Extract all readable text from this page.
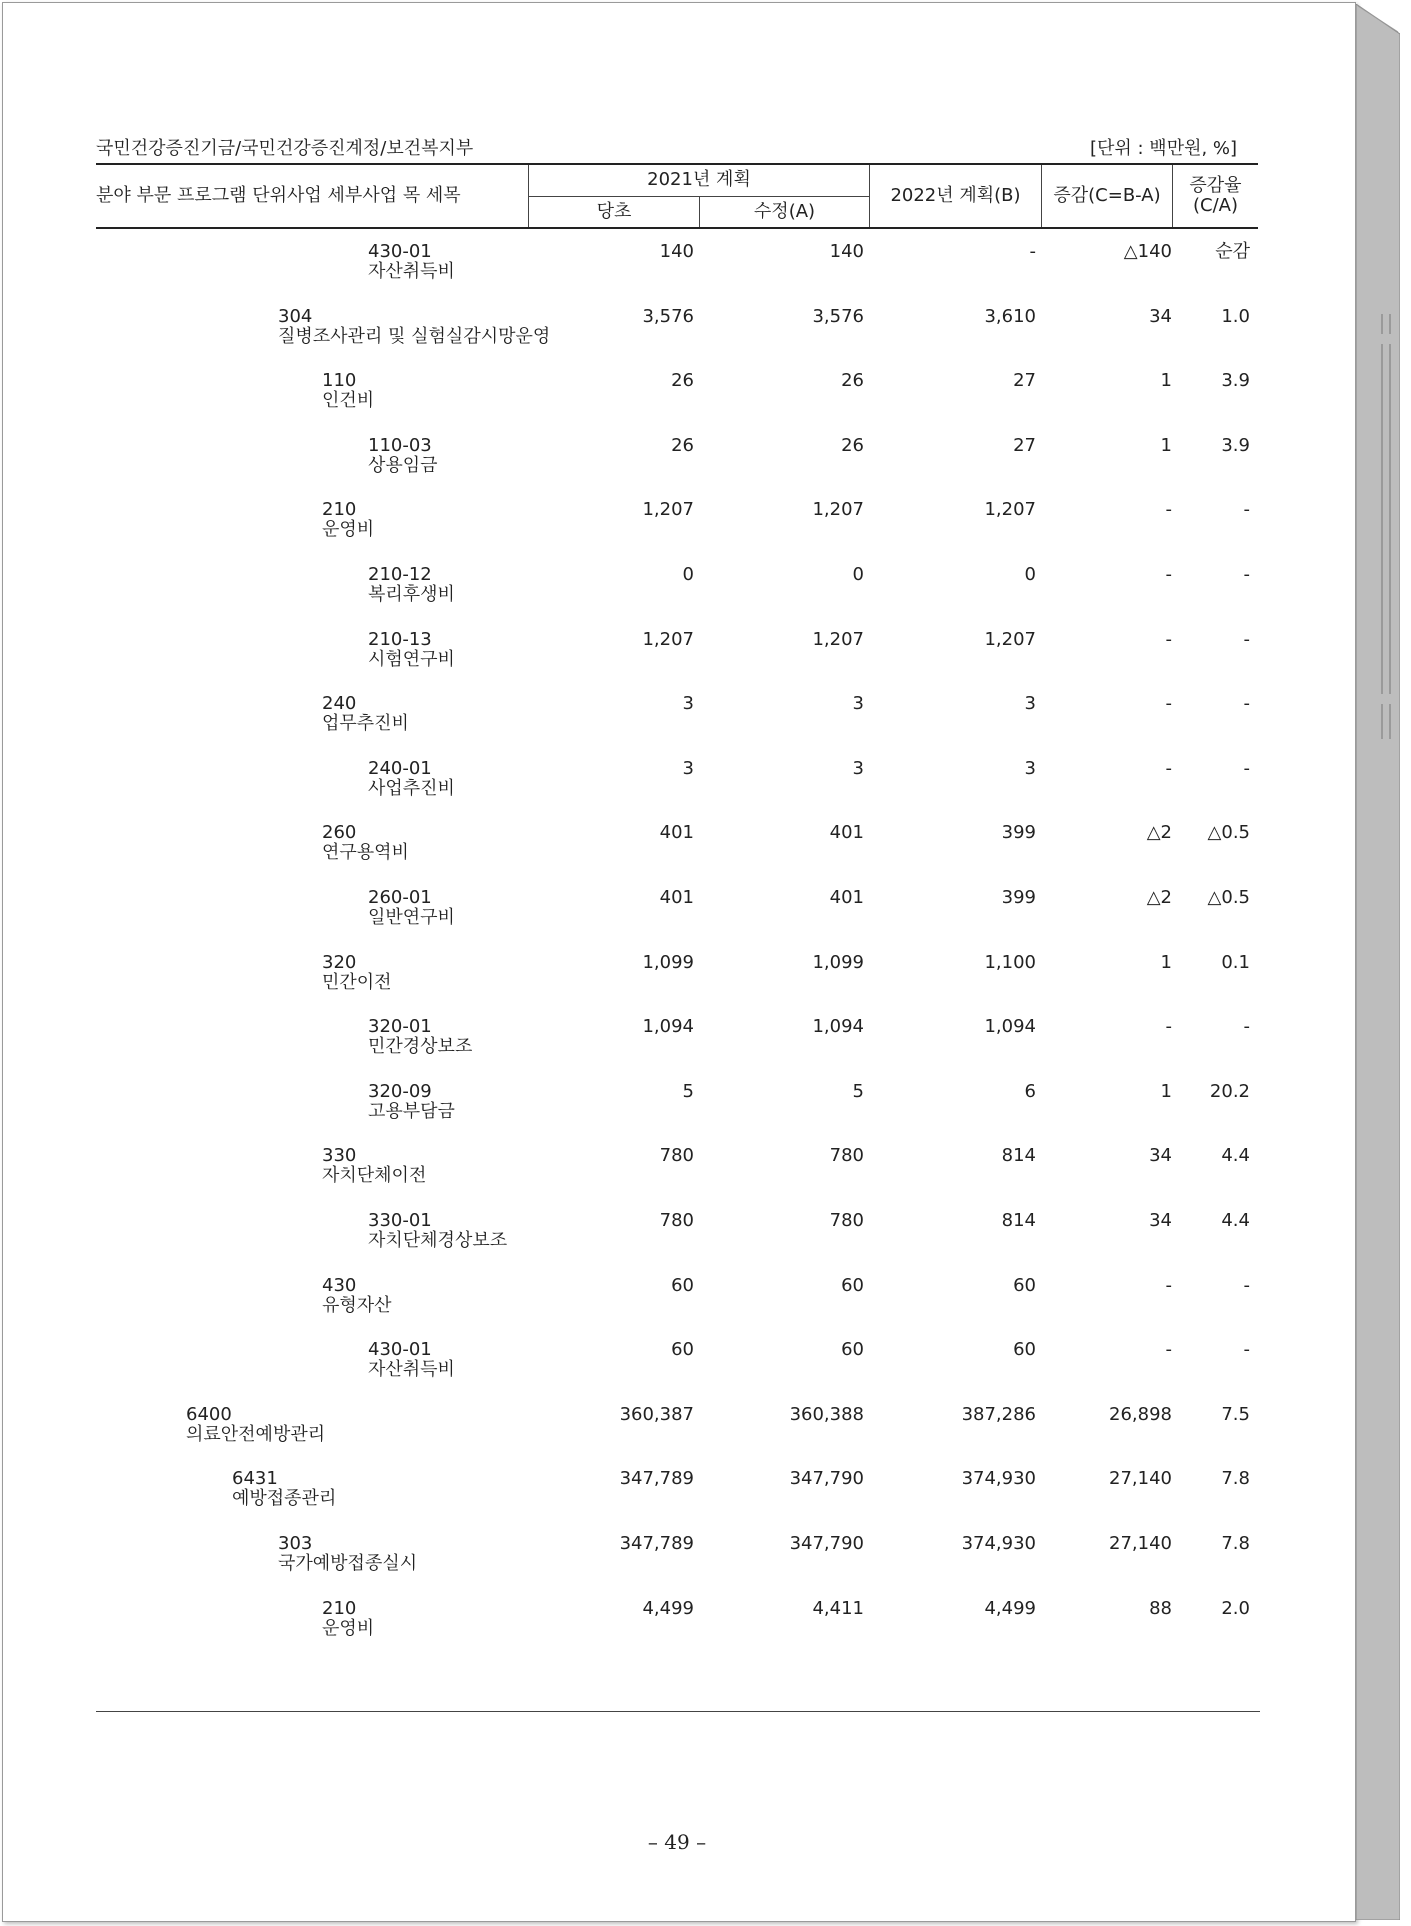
국민건강증진기금/국민건강증진계정/보건복지부	[단위 : 백만원, %]
분야 부문 프로그램 단위사업 세부사업 목 세목
2021년 계획
당초	수정(A)
2022년 계획(B)	증감(C=B-A)	증감율
(C/A)
430-01
자산취득비
140	140	-	△140	순감
304
질병조사관리 및 실험실감시망운영
3,576	3,576	3,610	34	1.0
110
인건비
26	26	27	1	3.9
110-03
상용임금
26	26	27	1	3.9
210
운영비
1,207	1,207	1,207	-	-
210-12
복리후생비
0	0	0	-	-
210-13
시험연구비
1,207	1,207	1,207	-	-
240
업무추진비
3	3	3	-	-
240-01
사업추진비
3	3	3	-	-
260
연구용역비
401	401	399	△2	△0.5
260-01
일반연구비
401	401	399	△2	△0.5
320
민간이전
1,099	1,099	1,100	1	0.1
320-01
민간경상보조
1,094	1,094	1,094	-	-
320-09
고용부담금
5	5	6	1	20.2
330
자치단체이전
780	780	814	34	4.4
330-01
자치단체경상보조
780	780	814	34	4.4
430
유형자산
60	60	60	-	-
430-01
자산취득비
60	60	60	-	-
6400
의료안전예방관리
360,387	360,388	387,286	26,898	7.5
6431
예방접종관리
347,789	347,790	374,930	27,140	7.8
303
국가예방접종실시
347,789	347,790	374,930	27,140	7.8
210
운영비
4,499	4,411	4,499	88	2.0
– 49 –
